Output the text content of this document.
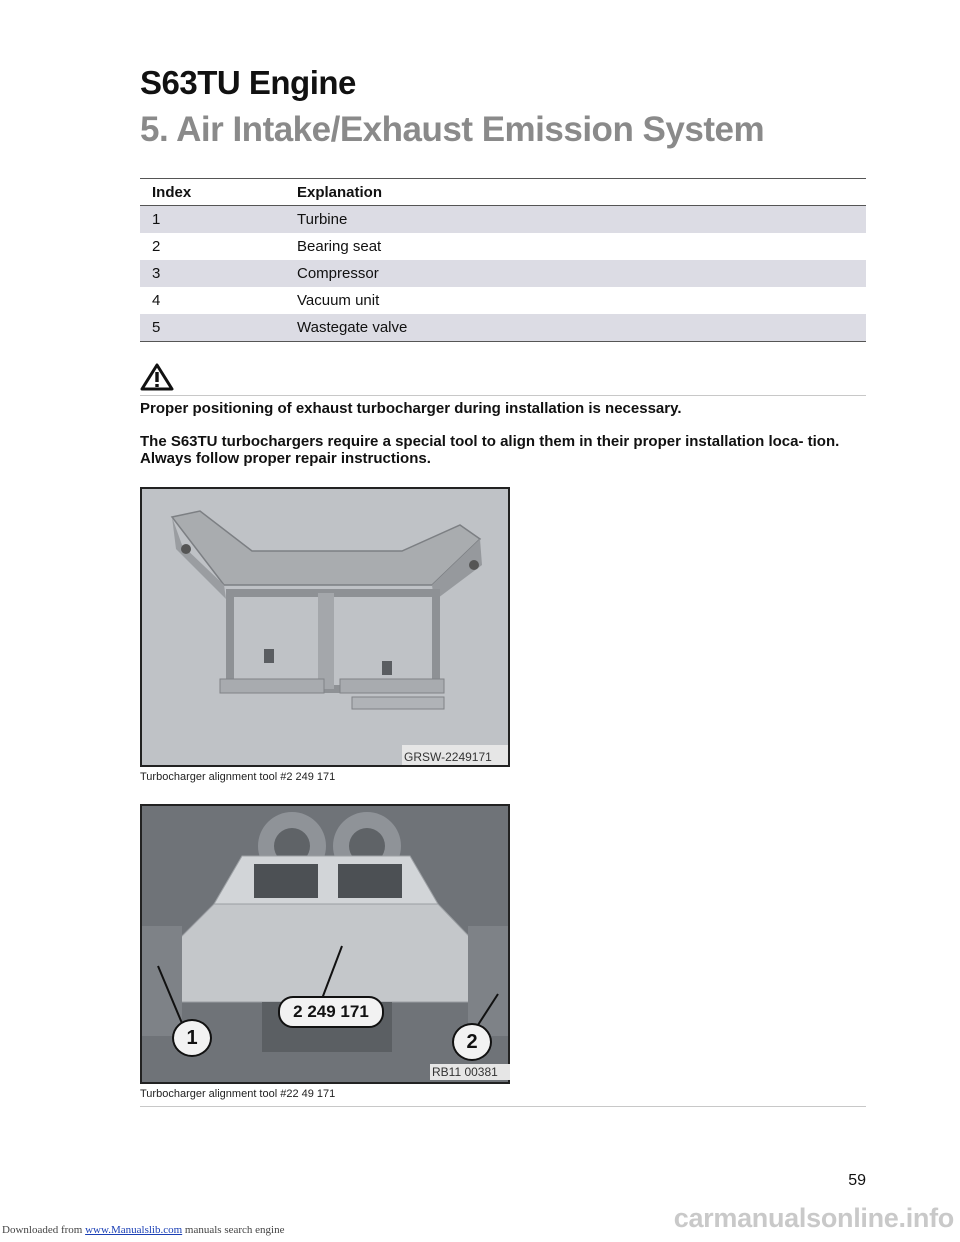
S63TU Engine
5. Air Intake/Exhaust Emission System
Index	Explanation
1	Turbine
2	Bearing seat
3	Compressor
4	Vacuum unit
5	Wastegate valve

Proper positioning of exhaust turbocharger during installation is necessary.

The S63TU turbochargers require a special tool to align them in their proper installation loca- tion. Always follow proper repair instructions.

GRSW-2249171
Turbocharger alignment tool #2 249 171
2 249 171
1	2
RB11 00381
Turbocharger alignment tool #22 49 171
59
carmanualsonline.info
Downloaded from www.Manualslib.com manuals search engine
